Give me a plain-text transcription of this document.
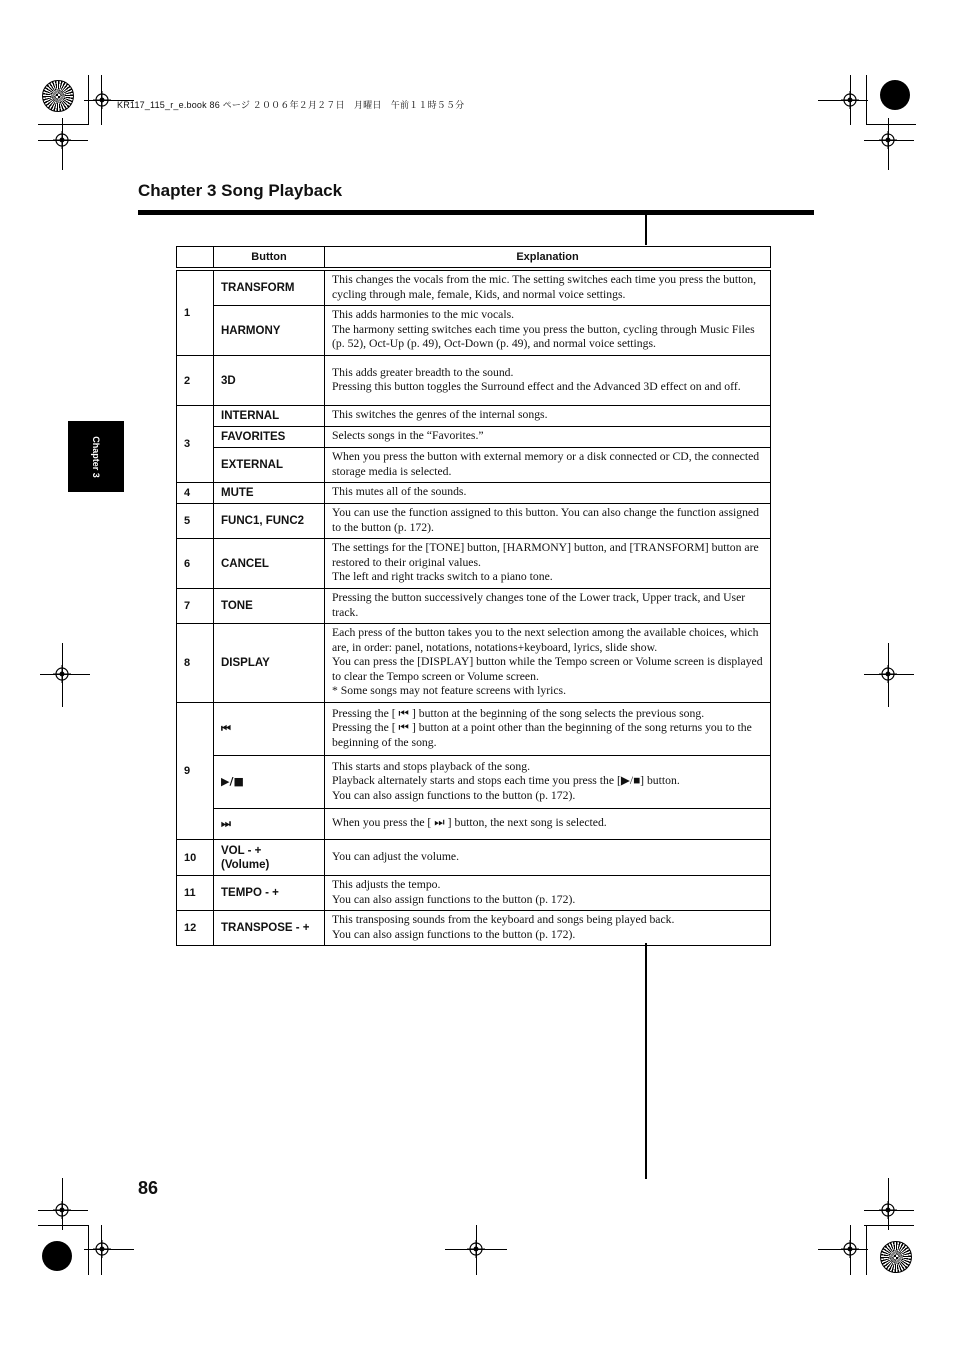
KR117_115_r_e.book 86 ページ ２００６年２月２７日　月曜日　午前１１時５５分
Chapter 3 Song Playback
Chapter 3
	Button	Explanation

1	TRANSFORM	This changes the vocals from the mic. The setting switches each time you press the button, cycling through male, female, Kids, and normal voice settings.

	HARMONY	This adds harmonies to the mic vocals.
The harmony setting switches each time you press the button, cycling through Music Files (p. 52), Oct-Up (p. 49), Oct-Down (p. 49), and normal voice settings.

2	3D	This adds greater breadth to the sound.
Pressing this button toggles the Surround effect and the Advanced 3D effect on and off.

3	INTERNAL	This switches the genres of the internal songs.

	FAVORITES	Selects songs in the “Favorites.”

	EXTERNAL	When you press the button with external memory or a disk connected or CD, the connected storage media is selected.

4	MUTE	This mutes all of the sounds.

5	FUNC1, FUNC2	You can use the function assigned to this button. You can also change the function assigned to the button (p. 172).

6	CANCEL	The settings for the [TONE] button, [HARMONY] button, and [TRANSFORM] button are restored to their original values.
The left and right tracks switch to a piano tone.

7	TONE	Pressing the button successively changes tone of the Lower track, Upper track, and User track.

8	DISPLAY	Each press of the button takes you to the next selection among the available choices, which are, in order: panel, notations, notations+keyboard, lyrics, slide show.
You can press the [DISPLAY] button while the Tempo screen or Volume screen is displayed to clear the Tempo screen or Volume screen.
* Some songs may not feature screens with lyrics.

9	⏮	Pressing the [ ⏮ ] button at the beginning of the song selects the previous song.
Pressing the [ ⏮ ] button at a point other than the beginning of the song returns you to the beginning of the song.

	▶/■	This starts and stops playback of the song.
Playback alternately starts and stops each time you press the [▶/■] button.
You can also assign functions to the button (p. 172).

	⏭	When you press the [ ⏭ ] button, the next song is selected.

10	VOL - +
(Volume)	You can adjust the volume.

11	TEMPO - +	This adjusts the tempo.
You can also assign functions to the button (p. 172).

12	TRANSPOSE - +	This transposing sounds from the keyboard and songs being played back.
You can also assign functions to the button (p. 172).
86
